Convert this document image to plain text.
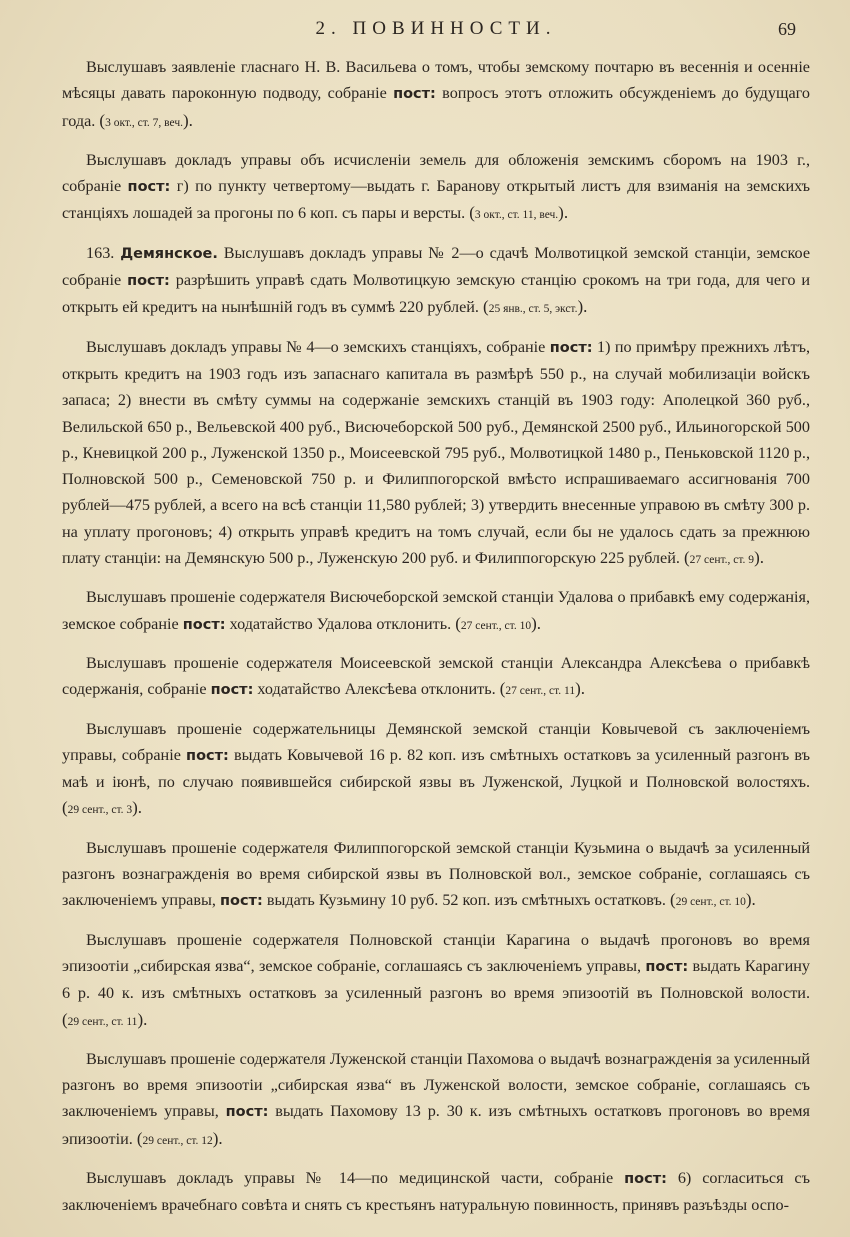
2. ПОВИННОСТИ.	69

Выслушавъ заявленіе гласнаго Н. В. Васильева о томъ, чтобы земскому почтарю въ весеннія и осенніе мѣсяцы давать пароконную подводу, собраніе пост: вопросъ этотъ отложить обсужденіемъ до будущаго года. (3 окт., ст. 7, веч.).

Выслушавъ докладъ управы объ исчисленіи земель для обложенія земскимъ сборомъ на 1903 г., собраніе пост: г) по пункту четвертому—выдать г. Баранову открытый листъ для взиманія на земскихъ станціяхъ лошадей за прогоны по 6 коп. съ пары и версты. (3 окт., ст. 11, веч.).

163. Демянское. Выслушавъ докладъ управы № 2—о сдачѣ Молвотицкой земской станціи, земское собраніе пост: разрѣшить управѣ сдать Молвотицкую земскую станцію срокомъ на три года, для чего и открыть ей кредитъ на нынѣшній годъ въ суммѣ 220 рублей. (25 янв., ст. 5, экст.).

Выслушавъ докладъ управы № 4—о земскихъ станціяхъ, собраніе пост: 1) по примѣру прежнихъ лѣтъ, открыть кредитъ на 1903 годъ изъ запаснаго капитала въ размѣрѣ 550 р., на случай мобилизаціи войскъ запаса; 2) внести въ смѣту суммы на содержаніе земскихъ станцій въ 1903 году: Аполецкой 360 руб., Велильской 650 р., Вельевской 400 руб., Висючеборской 500 руб., Демянской 2500 руб., Ильиногорской 500 р., Кневицкой 200 р., Луженской 1350 р., Моисеевской 795 руб., Молвотицкой 1480 р., Пеньковской 1120 р., Полновской 500 р., Семеновской 750 р. и Филиппогорской вмѣсто испрашиваемаго ассигнованія 700 рублей—475 рублей, а всего на всѣ станціи 11,580 рублей; 3) утвердить внесенные управою въ смѣту 300 р. на уплату прогоновъ; 4) открыть управѣ кредитъ на томъ случай, если бы не удалось сдать за прежнюю плату станціи: на Демянскую 500 р., Луженскую 200 руб. и Филиппогорскую 225 рублей. (27 сент., ст. 9).

Выслушавъ прошеніе содержателя Висючеборской земской станціи Удалова о прибавкѣ ему содержанія, земское собраніе пост: ходатайство Удалова отклонить. (27 сент., ст. 10).

Выслушавъ прошеніе содержателя Моисеевской земской станціи Александра Алексѣева о прибавкѣ содержанія, собраніе пост: ходатайство Алексѣева отклонить. (27 сент., ст. 11).

Выслушавъ прошеніе содержательницы Демянской земской станціи Ковычевой съ заключеніемъ управы, собраніе пост: выдать Ковычевой 16 р. 82 коп. изъ смѣтныхъ остатковъ за усиленный разгонъ въ маѣ и іюнѣ, по случаю появившейся сибирской язвы въ Луженской, Луцкой и Полновской волостяхъ. (29 сент., ст. 3).

Выслушавъ прошеніе содержателя Филиппогорской земской станціи Кузьмина о выдачѣ за усиленный разгонъ вознагражденія во время сибирской язвы въ Полновской вол., земское собраніе, соглашаясь съ заключеніемъ управы, пост: выдать Кузьмину 10 руб. 52 коп. изъ смѣтныхъ остатковъ. (29 сент., ст. 10).

Выслушавъ прошеніе содержателя Полновской станціи Карагина о выдачѣ прогоновъ во время эпизоотіи „сибирская язва“, земское собраніе, соглашаясь съ заключеніемъ управы, пост: выдать Карагину 6 р. 40 к. изъ смѣтныхъ остатковъ за усиленный разгонъ во время эпизоотій въ Полновской волости. (29 сент., ст. 11).

Выслушавъ прошеніе содержателя Луженской станціи Пахомова о выдачѣ вознагражденія за усиленный разгонъ во время эпизоотіи „сибирская язва“ въ Луженской волости, земское собраніе, соглашаясь съ заключеніемъ управы, пост: выдать Пахомову 13 р. 30 к. изъ смѣтныхъ остатковъ прогоновъ во время эпизоотіи. (29 сент., ст. 12).

Выслушавъ докладъ управы № 14—по медицинской части, собраніе пост: 6) согласиться съ заключеніемъ врачебнаго совѣта и снять съ крестьянъ натуральную повинность, принявъ разъѣзды оспо-
